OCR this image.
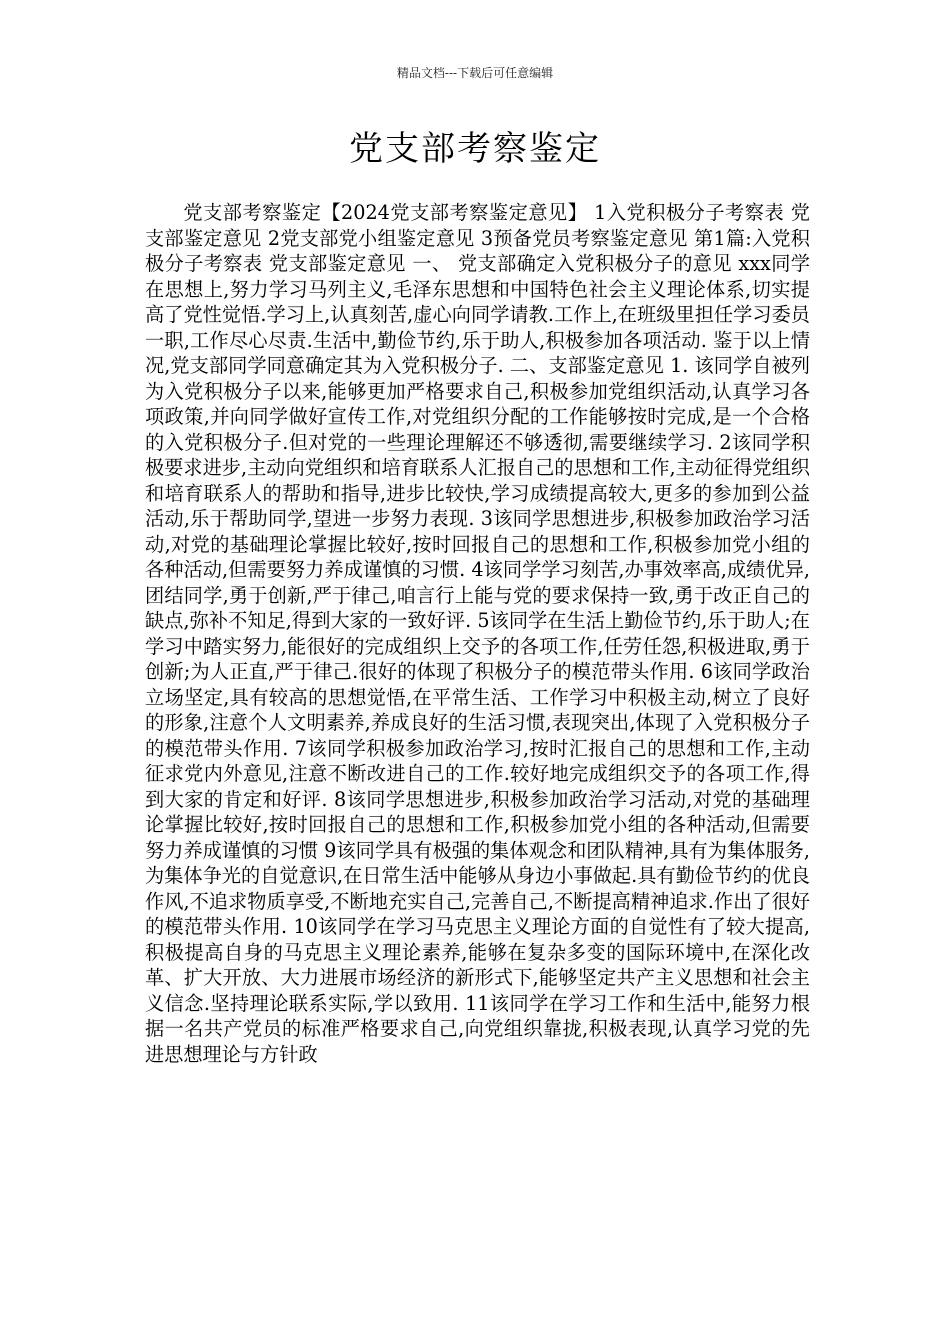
精品文档---下载后可任意编辑
党支部考察鉴定

党支部考察鉴定【2024党支部考察鉴定意见】 1入党积极分子考察表 党支部鉴定意见 2党支部党小组鉴定意见 3预备党员考察鉴定意见 第1篇:入党积极分子考察表 党支部鉴定意见 一、 党支部确定入党积极分子的意见 xxx同学在思想上,努力学习马列主义,毛泽东思想和中国特色社会主义理论体系,切实提高了党性觉悟.学习上,认真刻苦,虚心向同学请教.工作上,在班级里担任学习委员一职,工作尽心尽责.生活中,勤俭节约,乐于助人,积极参加各项活动. 鉴于以上情况,党支部同学同意确定其为入党积极分子. 二、支部鉴定意见 1. 该同学自被列为入党积极分子以来,能够更加严格要求自己,积极参加党组织活动,认真学习各项政策,并向同学做好宣传工作,对党组织分配的工作能够按时完成,是一个合格的入党积极分子.但对党的一些理论理解还不够透彻,需要继续学习. 2该同学积极要求进步,主动向党组织和培育联系人汇报自己的思想和工作,主动征得党组织和培育联系人的帮助和指导,进步比较快,学习成绩提高较大,更多的参加到公益活动,乐于帮助同学,望进一步努力表现. 3该同学思想进步,积极参加政治学习活动,对党的基础理论掌握比较好,按时回报自己的思想和工作,积极参加党小组的各种活动,但需要努力养成谨慎的习惯. 4该同学学习刻苦,办事效率高,成绩优异,团结同学,勇于创新,严于律己,咱言行上能与党的要求保持一致,勇于改正自己的缺点,弥补不知足,得到大家的一致好评. 5该同学在生活上勤俭节约,乐于助人;在学习中踏实努力,能很好的完成组织上交予的各项工作,任劳任怨,积极进取,勇于创新;为人正直,严于律己.很好的体现了积极分子的模范带头作用. 6该同学政治立场坚定,具有较高的思想觉悟,在平常生活、工作学习中积极主动,树立了良好的形象,注意个人文明素养,养成良好的生活习惯,表现突出,体现了入党积极分子的模范带头作用. 7该同学积极参加政治学习,按时汇报自己的思想和工作,主动征求党内外意见,注意不断改进自己的工作.较好地完成组织交予的各项工作,得到大家的肯定和好评. 8该同学思想进步,积极参加政治学习活动,对党的基础理论掌握比较好,按时回报自己的思想和工作,积极参加党小组的各种活动,但需要努力养成谨慎的习惯 9该同学具有极强的集体观念和团队精神,具有为集体服务,为集体争光的自觉意识,在日常生活中能够从身边小事做起.具有勤俭节约的优良作风,不追求物质享受,不断地充实自己,完善自己,不断提高精神追求.作出了很好的模范带头作用. 10该同学在学习马克思主义理论方面的自觉性有了较大提高,积极提高自身的马克思主义理论素养,能够在复杂多变的国际环境中,在深化改革、扩大开放、大力进展市场经济的新形式下,能够坚定共产主义思想和社会主义信念.坚持理论联系实际,学以致用. 11该同学在学习工作和生活中,能努力根据一名共产党员的标准严格要求自己,向党组织靠拢,积极表现,认真学习党的先进思想理论与方针政
